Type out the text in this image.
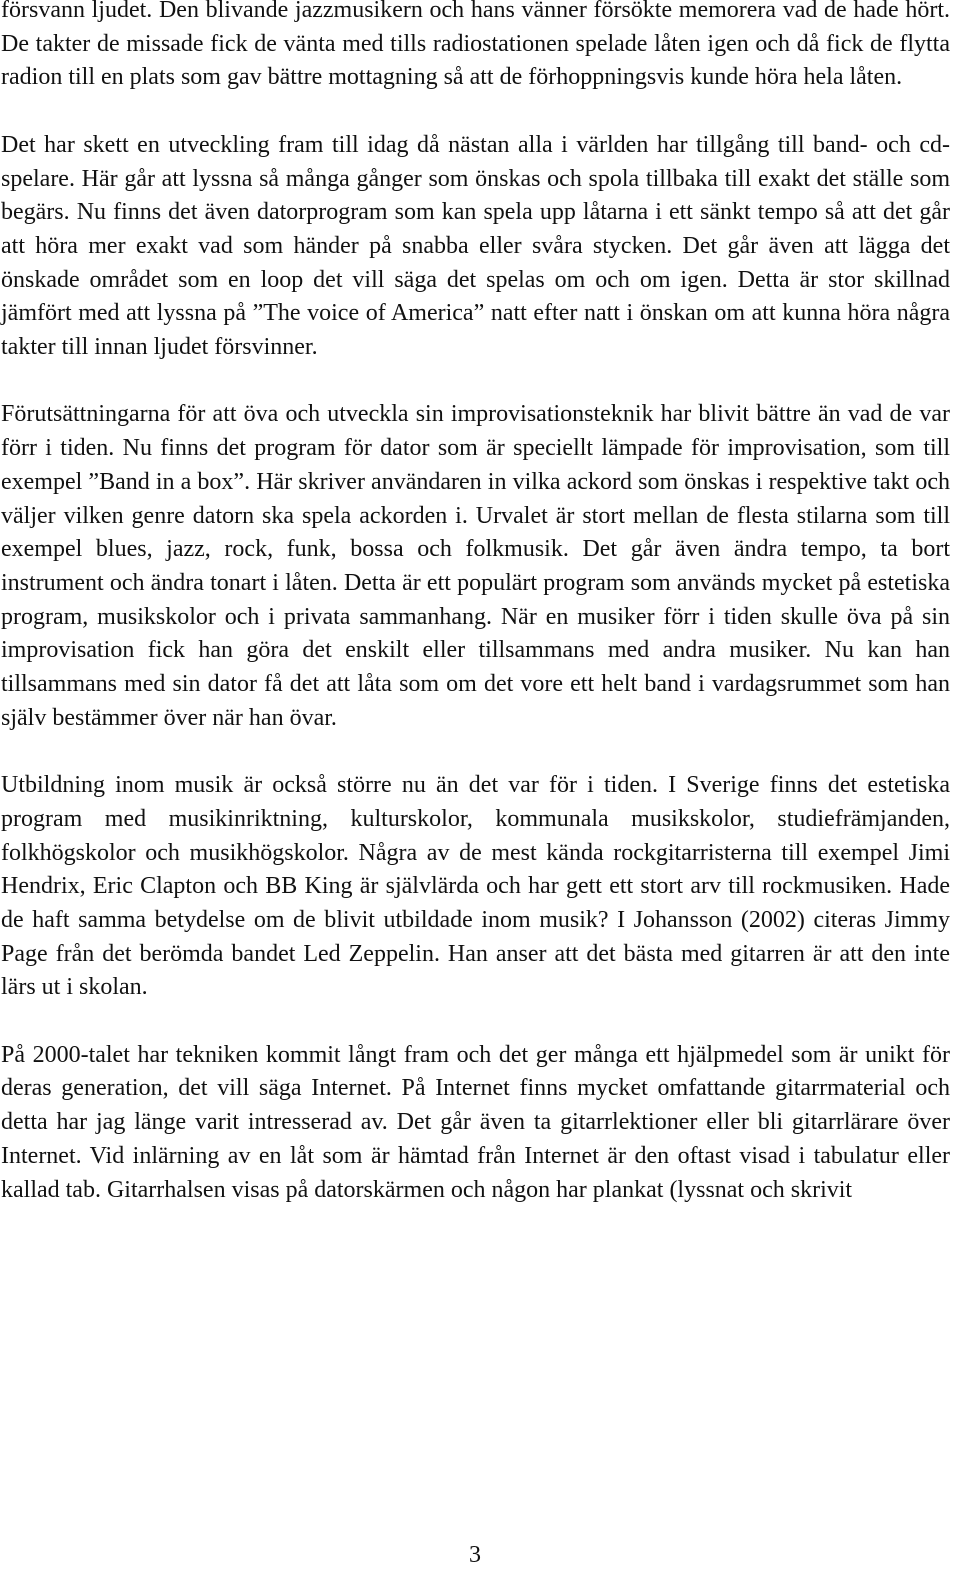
försvann ljudet. Den blivande jazzmusikern och hans vänner försökte memorera vad de hade hört. De takter de missade fick de vänta med tills radiostationen spelade låten igen och då fick de flytta radion till en plats som gav bättre mottagning så att de förhoppningsvis kunde höra hela låten.

Det har skett en utveckling fram till idag då nästan alla i världen har tillgång till band- och cd-spelare. Här går att lyssna så många gånger som önskas och spola tillbaka till exakt det ställe som begärs. Nu finns det även datorprogram som kan spela upp låtarna i ett sänkt tempo så att det går att höra mer exakt vad som händer på snabba eller svåra stycken. Det går även att lägga det önskade området som en loop det vill säga det spelas om och om igen. Detta är stor skillnad jämfört med att lyssna på ”The voice of America” natt efter natt i önskan om att kunna höra några takter till innan ljudet försvinner.

Förutsättningarna för att öva och utveckla sin improvisationsteknik har blivit bättre än vad de var förr i tiden. Nu finns det program för dator som är speciellt lämpade för improvisation, som till exempel ”Band in a box”. Här skriver användaren in vilka ackord som önskas i respektive takt och väljer vilken genre datorn ska spela ackorden i. Urvalet är stort mellan de flesta stilarna som till exempel blues, jazz, rock, funk, bossa och folkmusik. Det går även ändra tempo, ta bort instrument och ändra tonart i låten. Detta är ett populärt program som används mycket på estetiska program, musikskolor och i privata sammanhang. När en musiker förr i tiden skulle öva på sin improvisation fick han göra det enskilt eller tillsammans med andra musiker. Nu kan han tillsammans med sin dator få det att låta som om det vore ett helt band i vardagsrummet som han själv bestämmer över när han övar.

Utbildning inom musik är också större nu än det var för i tiden. I Sverige finns det estetiska program med musikinriktning, kulturskolor, kommunala musikskolor, studiefrämjanden, folkhögskolor och musikhögskolor. Några av de mest kända rockgitarristerna till exempel Jimi Hendrix, Eric Clapton och BB King är självlärda och har gett ett stort arv till rockmusiken. Hade de haft samma betydelse om de blivit utbildade inom musik? I Johansson (2002) citeras Jimmy Page från det berömda bandet Led Zeppelin. Han anser att det bästa med gitarren är att den inte lärs ut i skolan.

På 2000-talet har tekniken kommit långt fram och det ger många ett hjälpmedel som är unikt för deras generation, det vill säga Internet. På Internet finns mycket omfattande gitarrmaterial och detta har jag länge varit intresserad av. Det går även ta gitarrlektioner eller bli gitarrlärare över Internet. Vid inlärning av en låt som är hämtad från Internet är den oftast visad i tabulatur eller kallad tab. Gitarrhalsen visas på datorskärmen och någon har plankat (lyssnat och skrivit

3
